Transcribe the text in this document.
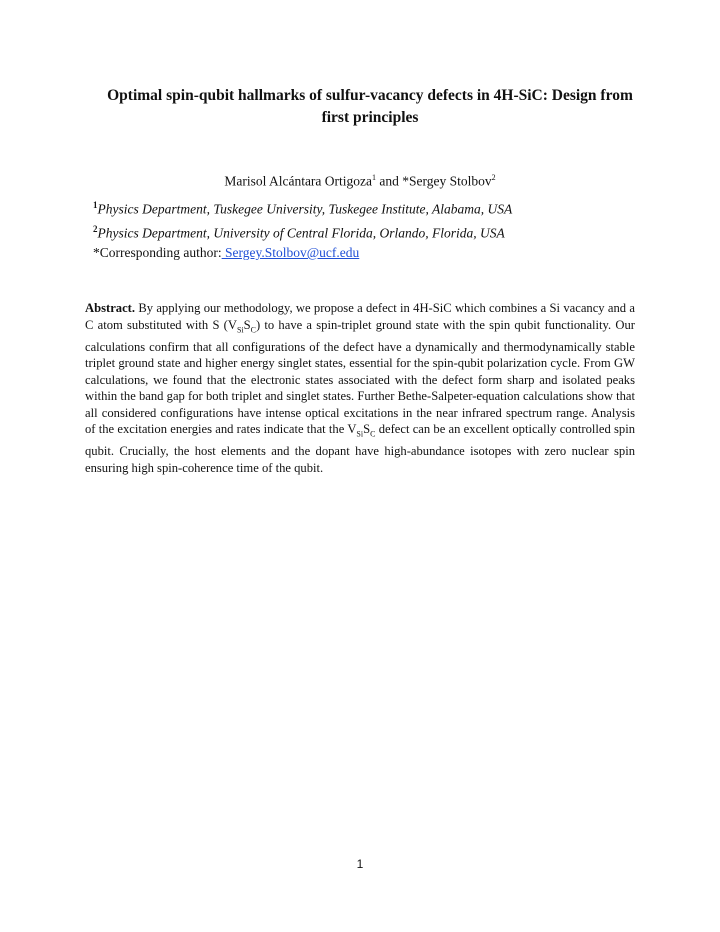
Optimal spin-qubit hallmarks of sulfur-vacancy defects in 4H-SiC: Design from first principles
Marisol Alcántara Ortigoza$^1$ and *Sergey Stolbov$^2$
$^1$Physics Department, Tuskegee University, Tuskegee Institute, Alabama, USA
$^2$Physics Department, University of Central Florida, Orlando, Florida, USA
*Corresponding author: Sergey.Stolbov@ucf.edu

Abstract. By applying our methodology, we propose a defect in 4H-SiC which combines a Si vacancy and a C atom substituted with S $(V_{Si}S_C)$ to have a spin-triplet ground state with the spin qubit functionality. Our calculations confirm that all configurations of the defect have a dynamically and thermodynamically stable triplet ground state and higher energy singlet states, essential for the spin-qubit polarization cycle. From GW calculations, we found that the electronic states associated with the defect form sharp and isolated peaks within the band gap for both triplet and singlet states. Further Bethe-Salpeter-equation calculations show that all considered configurations have intense optical excitations in the near infrared spectrum range. Analysis of the excitation energies and rates indicate that the $V_{Si}S_C$ defect can be an excellent optically controlled spin qubit. Crucially, the host elements and the dopant have high-abundance isotopes with zero nuclear spin ensuring high spin-coherence time of the qubit.

1
